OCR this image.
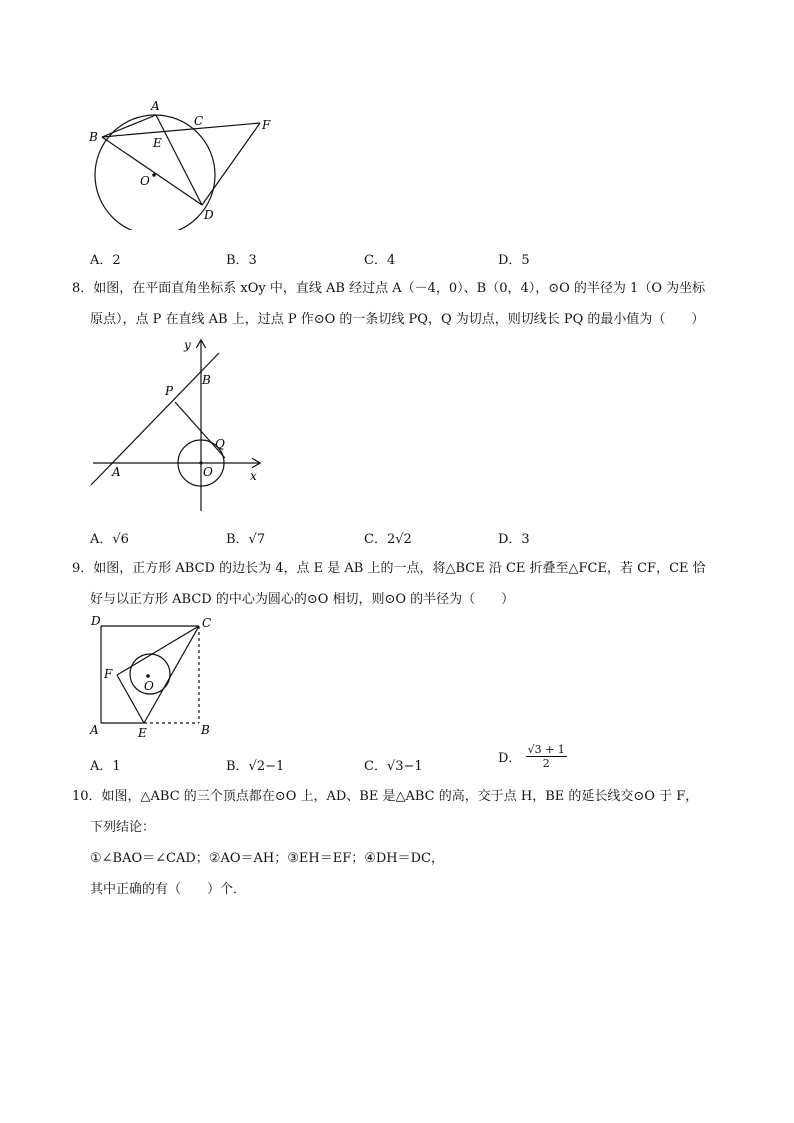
A
B
C	F
E
O
D
A．2	B．3	C．4	D．5
8．如图，在平面直角坐标系 xOy 中，直线 AB 经过点 A（－4，0）、B（0，4），⊙O 的半径为 1（O 为坐标
原点），点 P 在直线 AB 上，过点 P 作⊙O 的一条切线 PQ，Q 为切点，则切线长 PQ 的最小值为（　　）
y
B
P
Q
A	O	x
A．√6	B．√7	C．2√2	D．3
9．如图，正方形 ABCD 的边长为 4，点 E 是 AB 上的一点，将△BCE 沿 CE 折叠至△FCE，若 CF，CE 恰
好与以正方形 ABCD 的中心为圆心的⊙O 相切，则⊙O 的半径为（　　）
D	C
F
O
A	E	B
A．1	B．√2−1	C．√3−1
D． $\frac{√3 + 1}{2}$
10．如图，△ABC 的三个顶点都在⊙O 上，AD、BE 是△ABC 的高，交于点 H，BE 的延长线交⊙O 于 F，
下列结论：
①∠BAO＝∠CAD；②AO＝AH；③EH＝EF；④DH＝DC，
其中正确的有（　　）个．
